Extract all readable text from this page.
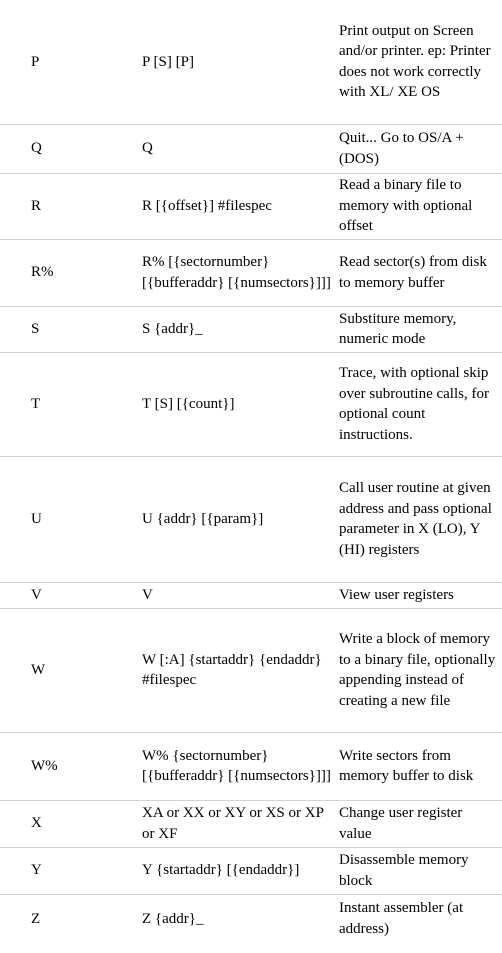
P	P [S] [P]	Print output on Screen and/or printer. ep: Printer does not work correctly with XL/ XE OS
Q	Q	Quit... Go to OS/A + (DOS)
R	R [{offset}] #filespec	Read a binary file to memory with optional offset
R%	R% [{sectornumber} [{bufferaddr} [{numsectors}]]]	Read sector(s) from disk to memory buffer
S	S {addr}_	Substiture memory, numeric mode
T	T [S] [{count}]	Trace, with optional skip over subroutine calls, for optional count instructions.
U	U {addr} [{param}]	Call user routine at given address and pass optional parameter in X (LO), Y (HI) registers
V	V	View user registers
W	W [:A] {startaddr} {endaddr} #filespec	Write a block of memory to a binary file, optionally appending instead of creating a new file
W%	W% {sectornumber} [{bufferaddr} [{numsectors}]]]	Write sectors from memory buffer to disk
X	XA or XX or XY or XS or XP or XF	Change user register value
Y	Y {startaddr} [{endaddr}]	Disassemble memory block
Z	Z {addr}_	Instant assembler (at address)
